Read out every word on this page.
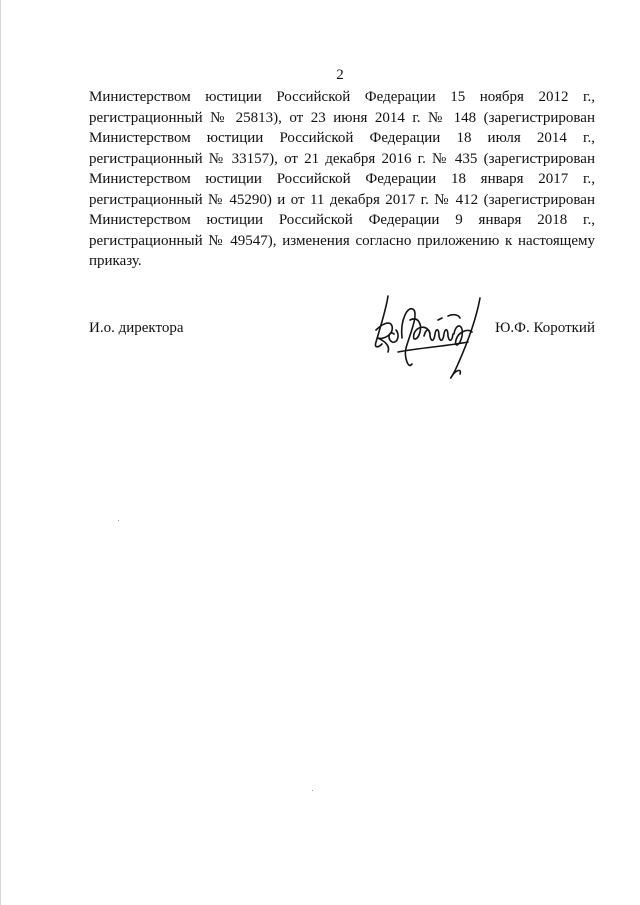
2

Министерством юстиции Российской Федерации 15 ноября 2012 г., регистрационный № 25813), от 23 июня 2014 г. № 148 (зарегистрирован Министерством юстиции Российской Федерации 18 июля 2014 г., регистрационный № 33157), от 21 декабря 2016 г. № 435 (зарегистрирован Министерством юстиции Российской Федерации 18 января 2017 г., регистрационный № 45290) и от 11 декабря 2017 г. № 412 (зарегистрирован Министерством юстиции Российской Федерации 9 января 2018 г., регистрационный № 49547), изменения согласно приложению к настоящему приказу.

И.о. директора	Ю.Ф. Короткий
